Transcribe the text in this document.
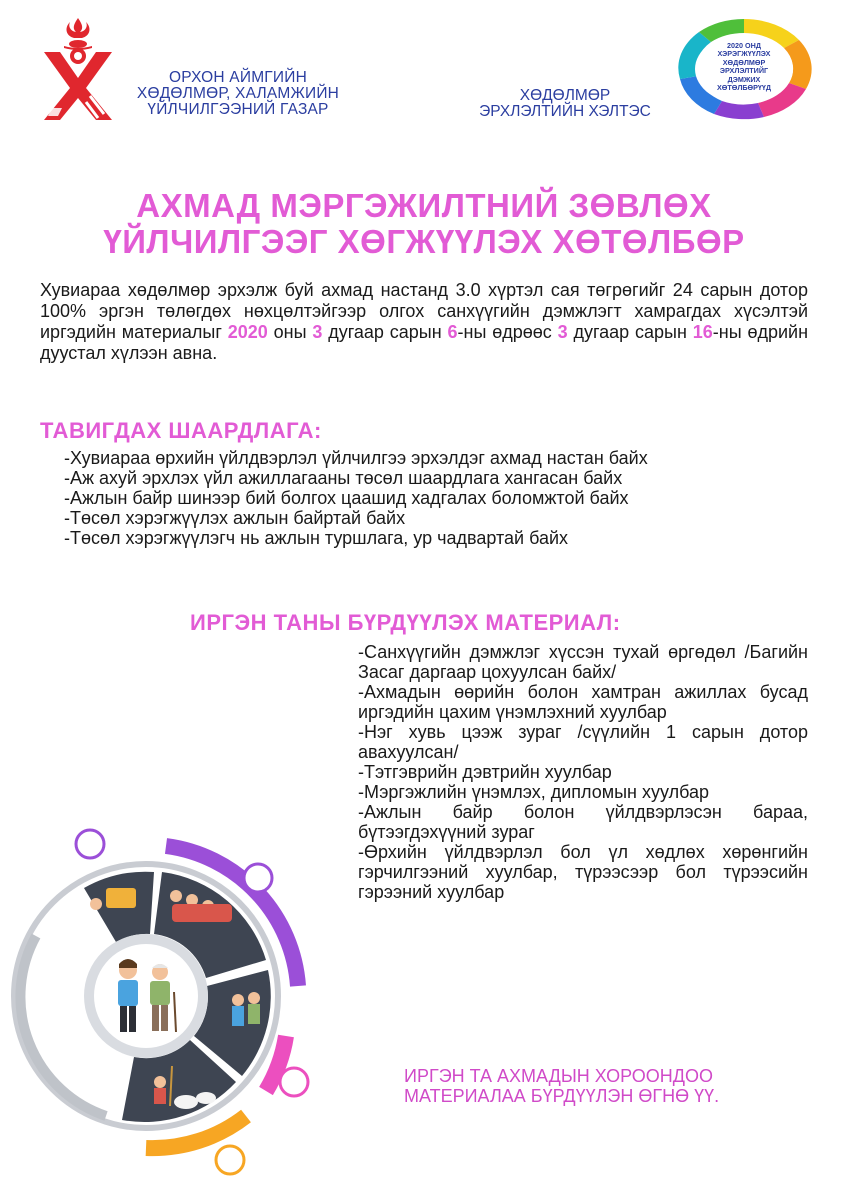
ОРХОН АЙМГИЙН
ХӨДӨЛМӨР, ХАЛАМЖИЙН
ҮЙЛЧИЛГЭЭНИЙ ГАЗАР
ХӨДӨЛМӨР
ЭРХЛЭЛТИЙН ХЭЛТЭС
2020 ОНД
ХЭРЭГЖҮҮЛЭХ
ХӨДӨЛМӨР
ЭРХЛЭЛТИЙГ
ДЭМЖИХ
ХӨТӨЛБӨРҮҮД
АХМАД МЭРГЭЖИЛТНИЙ ЗӨВЛӨХ
ҮЙЛЧИЛГЭЭГ ХӨГЖҮҮЛЭХ ХӨТӨЛБӨР

Хувиараа хөдөлмөр эрхэлж буй ахмад настанд 3.0 хүртэл сая төгрөгийг 24 сарын дотор 100% эргэн төлөгдөх нөхцөлтэйгээр олгох санхүүгийн дэмжлэгт хамрагдах хүсэлтэй иргэдийн материалыг 2020 оны 3 дугаар сарын 6-ны өдрөөс 3 дугаар сарын 16-ны өдрийн дуустал хүлээн авна.

ТАВИГДАХ ШААРДЛАГА:
-Хувиараа өрхийн үйлдвэрлэл үйлчилгээ эрхэлдэг ахмад настан байх
-Аж ахуй эрхлэх үйл ажиллагааны төсөл шаардлага хангасан байх
-Ажлын байр шинээр бий болгох цаашид хадгалах боломжтой байх
-Төсөл хэрэгжүүлэх ажлын байртай байх
-Төсөл хэрэгжүүлэгч нь ажлын туршлага, ур чадвартай байх
ИРГЭН ТАНЫ БҮРДҮҮЛЭХ МАТЕРИАЛ:
-Санхүүгийн дэмжлэг хүссэн тухай өргөдөл /Багийн Засаг даргаар цохуулсан байх/
-Ахмадын өөрийн болон хамтран ажиллах бусад иргэдийн цахим үнэмлэхний хуулбар
-Нэг хувь цээж зураг /сүүлийн 1 сарын дотор авахуулсан/
-Тэтгэврийн дэвтрийн хуулбар
-Мэргэжлийн үнэмлэх, дипломын хуулбар
-Ажлын байр болон үйлдвэрлэсэн бараа, бүтээгдэхүүний зураг
-Өрхийн үйлдвэрлэл бол үл хөдлөх хөрөнгийн гэрчилгээний хуулбар, түрээсээр бол түрээсийн гэрээний хуулбар
ИРГЭН ТА АХМАДЫН ХОРООНДОО
МАТЕРИАЛАА БҮРДҮҮЛЭН ӨГНӨ ҮҮ.
